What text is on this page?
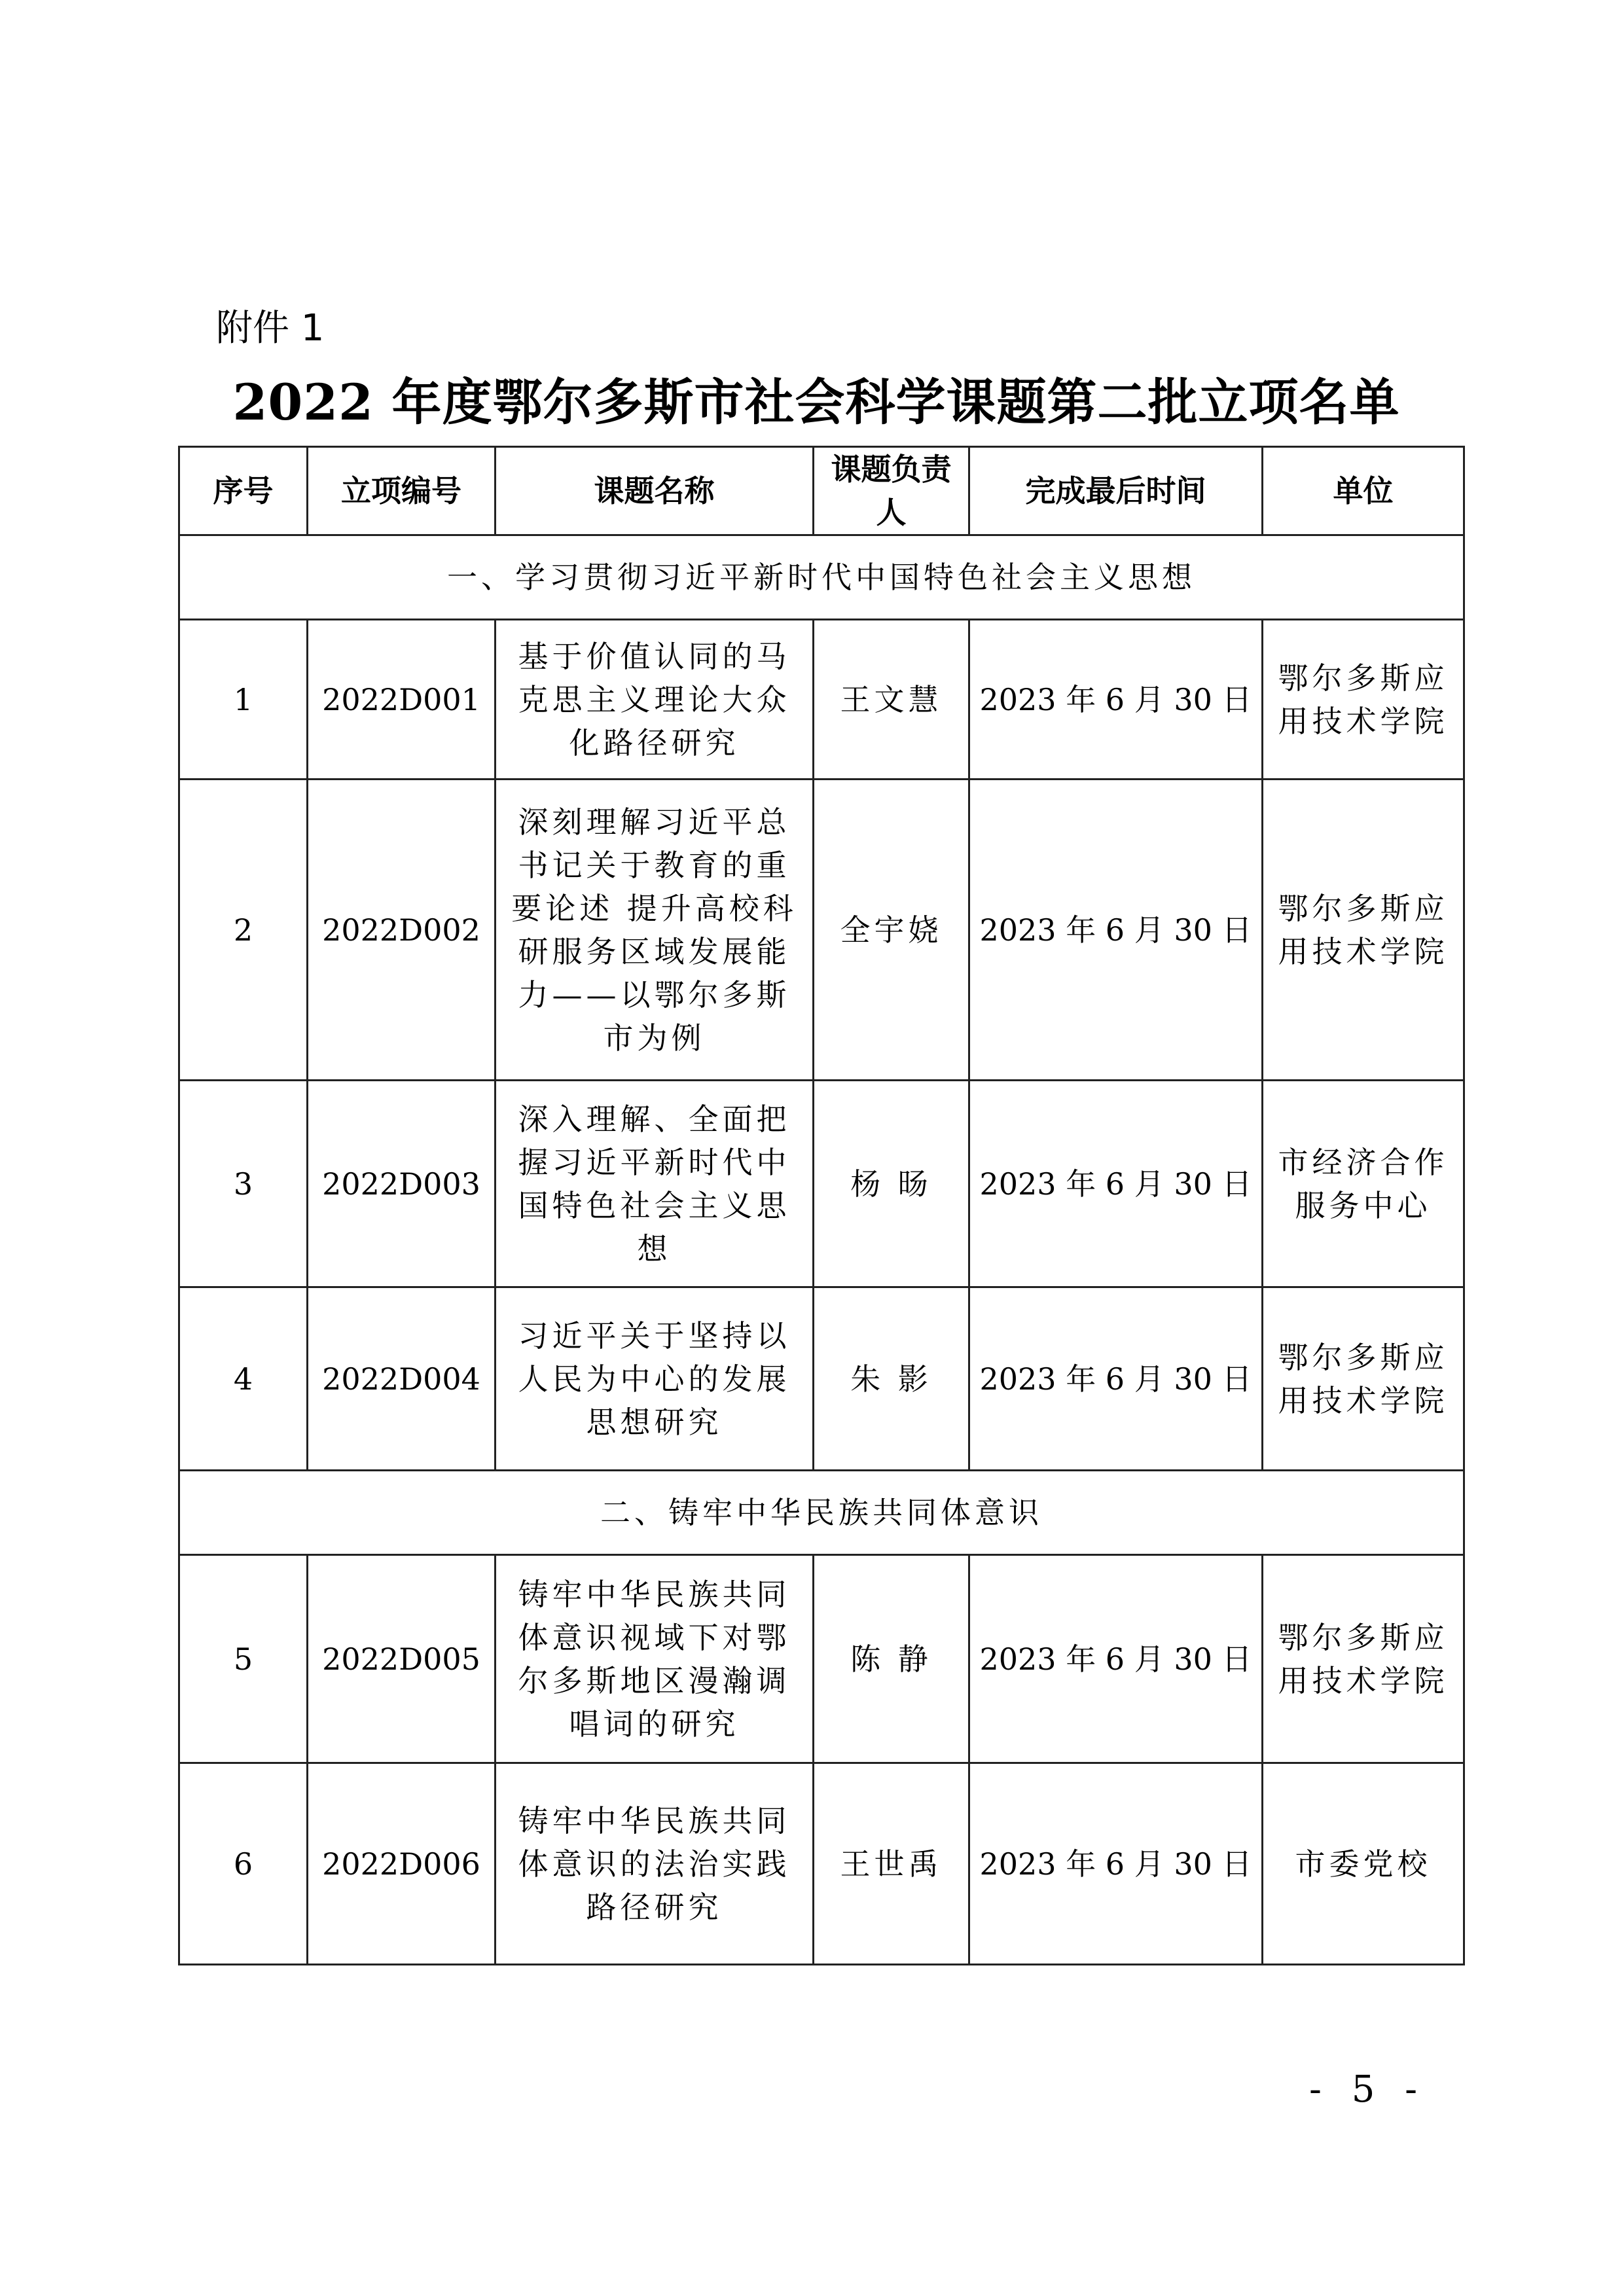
附件 1
2022 年度鄂尔多斯市社会科学课题第二批立项名单
序号	立项编号	课题名称	课题负责人	完成最后时间	单位
一、学习贯彻习近平新时代中国特色社会主义思想					
1	2022D001	基于价值认同的马克思主义理论大众化路径研究	王文慧	2023 年 6 月 30 日	鄂尔多斯应用技术学院
2	2022D002	深刻理解习近平总书记关于教育的重要论述 提升高校科研服务区域发展能力——以鄂尔多斯市为例	全宇娆	2023 年 6 月 30 日	鄂尔多斯应用技术学院
3	2022D003	深入理解、全面把握习近平新时代中国特色社会主义思想	杨 旸	2023 年 6 月 30 日	市经济合作服务中心
4	2022D004	习近平关于坚持以人民为中心的发展思想研究	朱 影	2023 年 6 月 30 日	鄂尔多斯应用技术学院
二、铸牢中华民族共同体意识					
5	2022D005	铸牢中华民族共同体意识视域下对鄂尔多斯地区漫瀚调唱词的研究	陈 静	2023 年 6 月 30 日	鄂尔多斯应用技术学院
6	2022D006	铸牢中华民族共同体意识的法治实践路径研究	王世禹	2023 年 6 月 30 日	市委党校
- 5 -
